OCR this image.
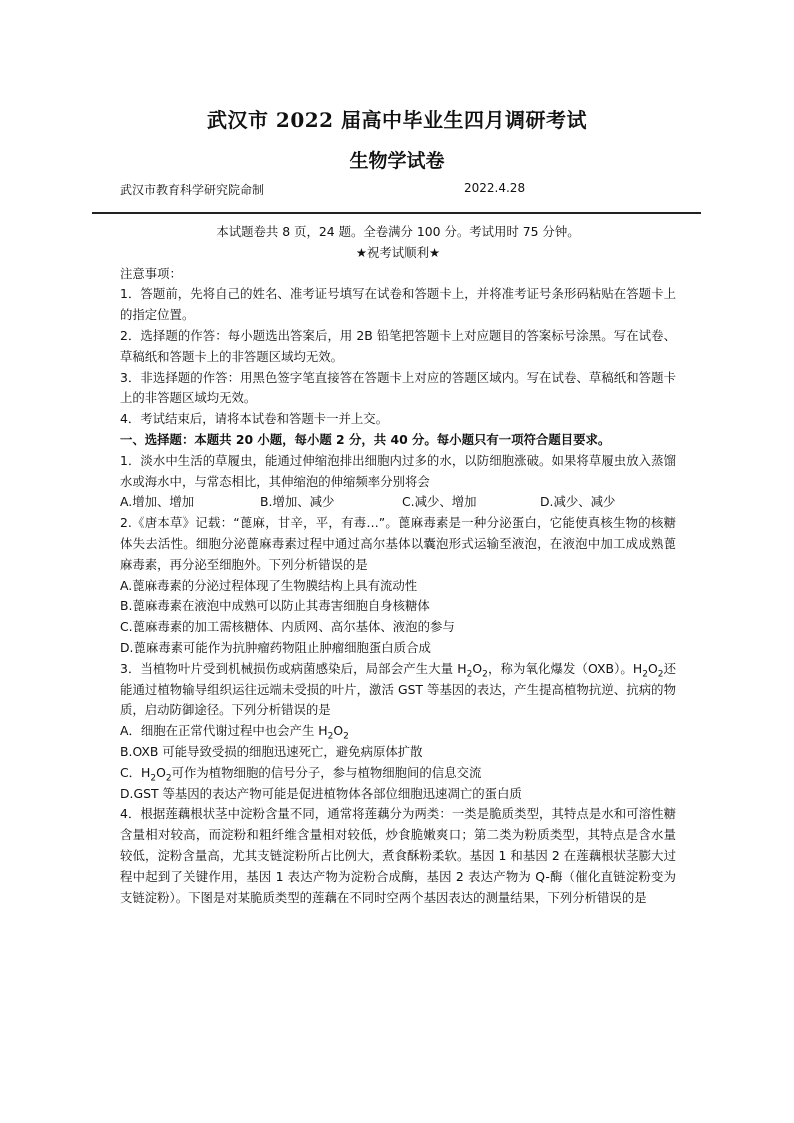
武汉市 2022 届高中毕业生四月调研考试
生物学试卷
武汉市教育科学研究院命制	2022.4.28

本试题卷共 8 页，24 题。全卷满分 100 分。考试用时 75 分钟。

★祝考试顺利★

注意事项：

1．答题前，先将自己的姓名、准考证号填写在试卷和答题卡上，并将准考证号条形码粘贴在答题卡上的指定位置。

2．选择题的作答：每小题选出答案后，用 2B 铅笔把答题卡上对应题目的答案标号涂黑。写在试卷、草稿纸和答题卡上的非答题区域均无效。

3．非选择题的作答：用黑色签字笔直接答在答题卡上对应的答题区域内。写在试卷、草稿纸和答题卡上的非答题区域均无效。

4．考试结束后，请将本试卷和答题卡一并上交。

一、选择题：本题共 20 小题，每小题 2 分，共 40 分。每小题只有一项符合题目要求。

1．淡水中生活的草履虫，能通过伸缩泡排出细胞内过多的水，以防细胞涨破。如果将草履虫放入蒸馏水或海水中，与常态相比，其伸缩泡的伸缩频率分别将会

A.增加、增加	B.增加、减少	C.减少、增加	D.减少、减少

2.《唐本草》记载：“蓖麻，甘辛，平，有毒…”。蓖麻毒素是一种分泌蛋白，它能使真核生物的核糖体失去活性。细胞分泌蓖麻毒素过程中通过高尔基体以囊泡形式运输至液泡，在液泡中加工成成熟蓖麻毒素，再分泌至细胞外。下列分析错误的是

A.蓖麻毒素的分泌过程体现了生物膜结构上具有流动性

B.蓖麻毒素在液泡中成熟可以防止其毒害细胞自身核糖体

C.蓖麻毒素的加工需核糖体、内质网、高尔基体、液泡的参与

D.蓖麻毒素可能作为抗肿瘤药物阻止肿瘤细胞蛋白质合成

3．当植物叶片受到机械损伤或病菌感染后，局部会产生大量 $H_2O_2$，称为氧化爆发（OXB）。$H_2O_2$还能通过植物输导组织运往远端未受损的叶片，激活 GST 等基因的表达，产生提高植物抗逆、抗病的物质，启动防御途径。下列分析错误的是

A．细胞在正常代谢过程中也会产生 $H_2O_2$

B.OXB 可能导致受损的细胞迅速死亡，避免病原体扩散

C．$H_2O_2$可作为植物细胞的信号分子，参与植物细胞间的信息交流

D.GST 等基因的表达产物可能是促进植物体各部位细胞迅速凋亡的蛋白质

4．根据莲藕根状茎中淀粉含量不同，通常将莲藕分为两类：一类是脆质类型，其特点是水和可溶性糖含量相对较高，而淀粉和粗纤维含量相对较低，炒食脆嫩爽口；第二类为粉质类型，其特点是含水量较低，淀粉含量高，尤其支链淀粉所占比例大，煮食酥粉柔软。基因 1 和基因 2 在莲藕根状茎膨大过程中起到了关键作用，基因 1 表达产物为淀粉合成酶，基因 2 表达产物为 Q-酶（催化直链淀粉变为支链淀粉）。下图是对某脆质类型的莲藕在不同时空两个基因表达的测量结果，下列分析错误的是
